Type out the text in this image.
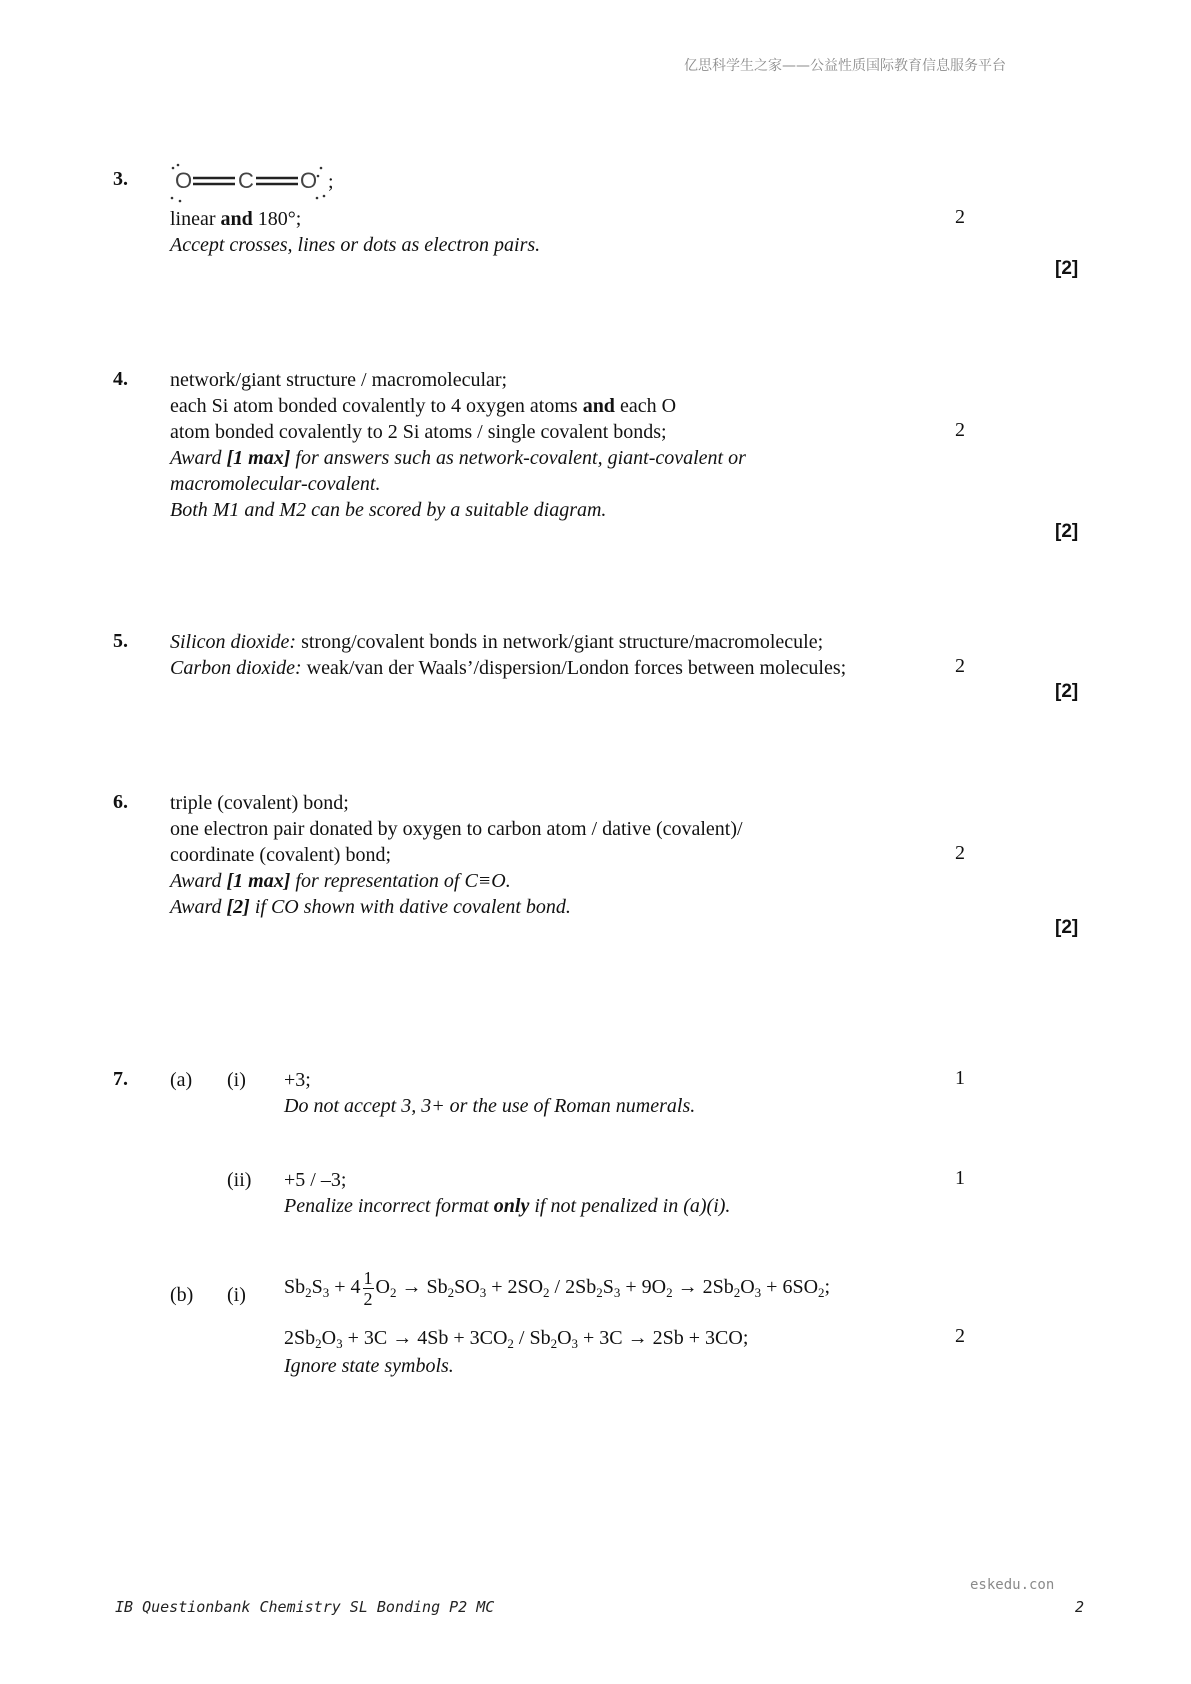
亿思科学生之家——公益性质国际教育信息服务平台
3. O C O ;
linear and 180°;
Accept crosses, lines or dots as electron pairs.
2
[2]
4. network/giant structure / macromolecular;
each Si atom bonded covalently to 4 oxygen atoms and each O
atom bonded covalently to 2 Si atoms / single covalent bonds;
Award [1 max] for answers such as network-covalent, giant-covalent or
macromolecular-covalent.
Both M1 and M2 can be scored by a suitable diagram.
2
[2]
5. Silicon dioxide: strong/covalent bonds in network/giant structure/macromolecule;
Carbon dioxide: weak/van der Waals’/dispersion/London forces between molecules;	2
[2]
6. triple (covalent) bond;
one electron pair donated by oxygen to carbon atom / dative (covalent)/
coordinate (covalent) bond;
Award [1 max] for representation of C≡O.
Award [2] if CO shown with dative covalent bond.
2
[2]
7. (a) (i) +3;
Do not accept 3, 3+ or the use of Roman numerals.
1
(ii) +5 / –3;
Penalize incorrect format only if not penalized in (a)(i).
1
(b) (i) $Sb_2S_3 + 4 \frac{1}{2} O_2 \to Sb_2SO_3 + 2SO_2 / 2Sb_2S_3 + 9O_2 \to 2Sb_2O_3 + 6SO_2$;
$2Sb_2O_3 + 3C \to 4Sb + 3CO_2 / Sb_2O_3 + 3C \to 2Sb + 3CO$;
Ignore state symbols.
2
eskedu.con
IB Questionbank Chemistry SL Bonding P2 MC	2
